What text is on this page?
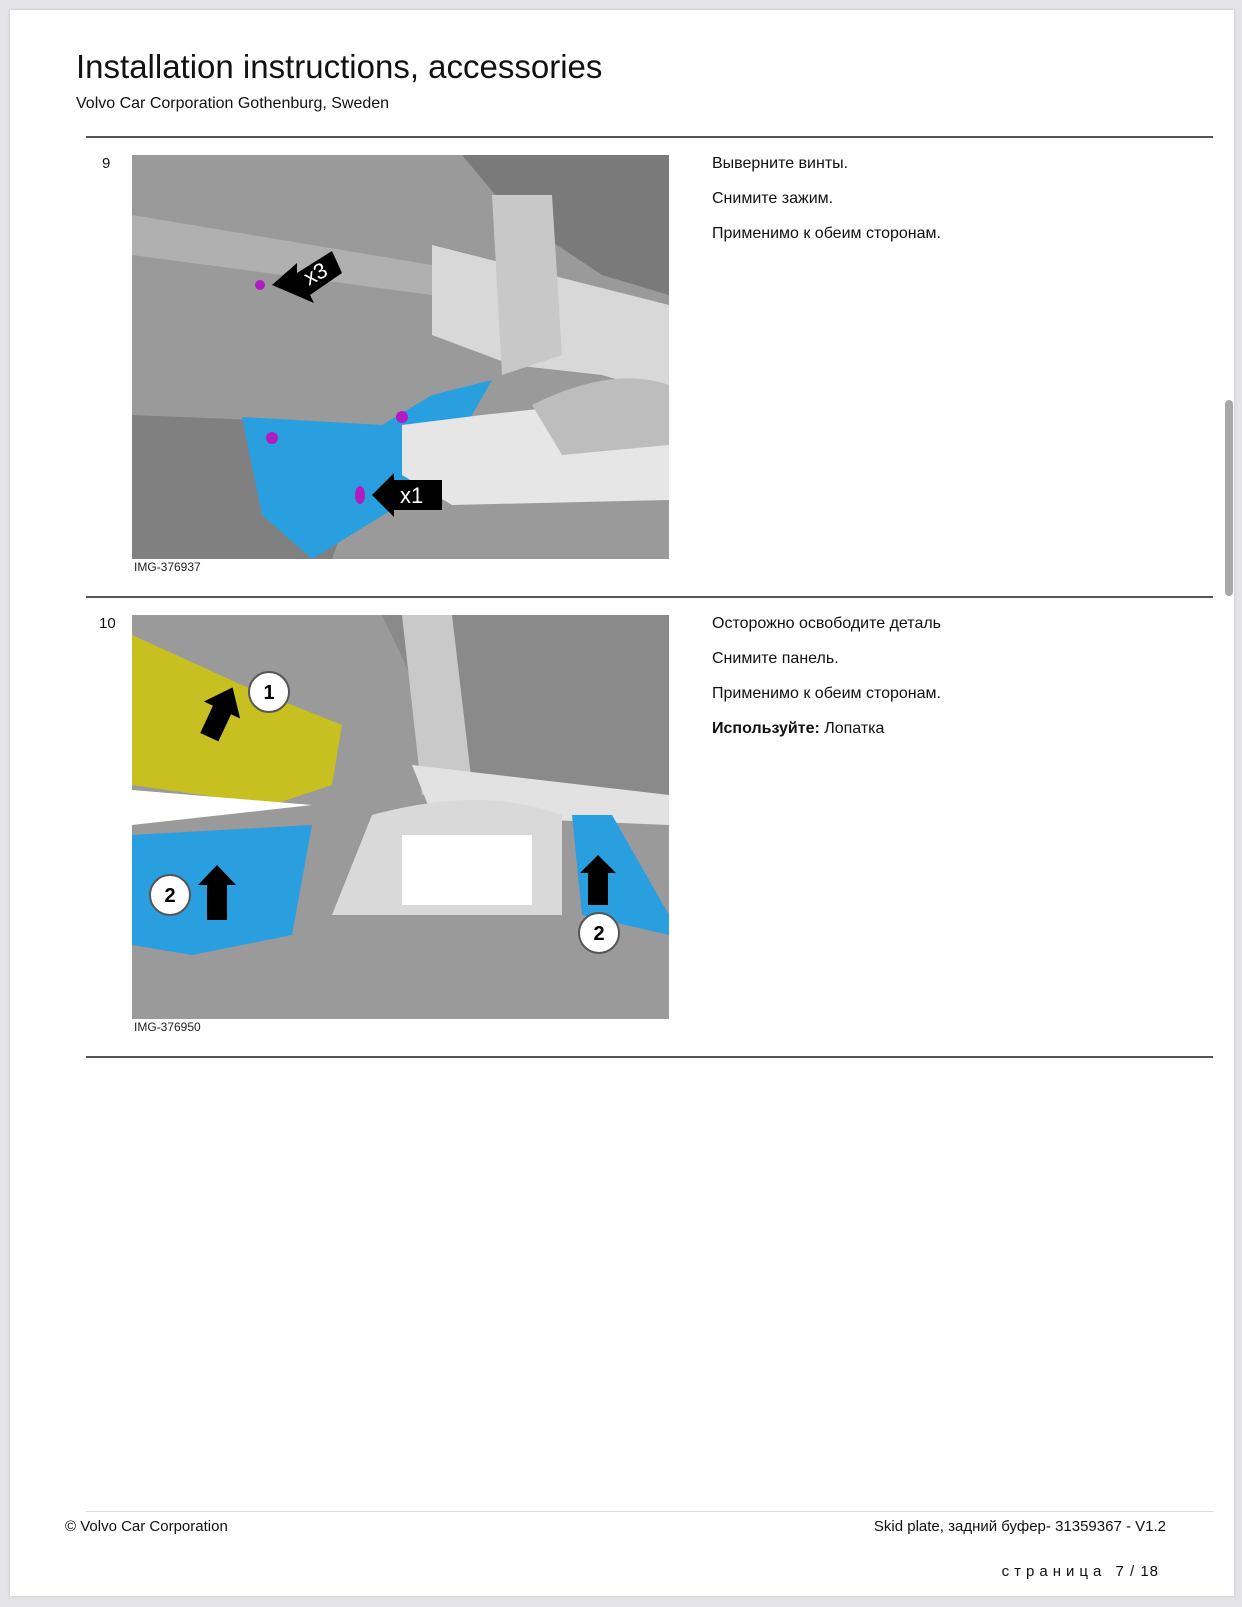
Installation instructions, accessories
Volvo Car Corporation Gothenburg, Sweden
9
x3
x1
IMG-376937

Выверните винты.

Снимите зажим.

Применимо к обеим сторонам.

10
1
2
2
IMG-376950

Осторожно освободите деталь

Снимите панель.

Применимо к обеим сторонам.

Используйте: Лопатка

© Volvo Car Corporation	Skid plate, задний буфер- 31359367 - V1.2
страница 7 / 18
